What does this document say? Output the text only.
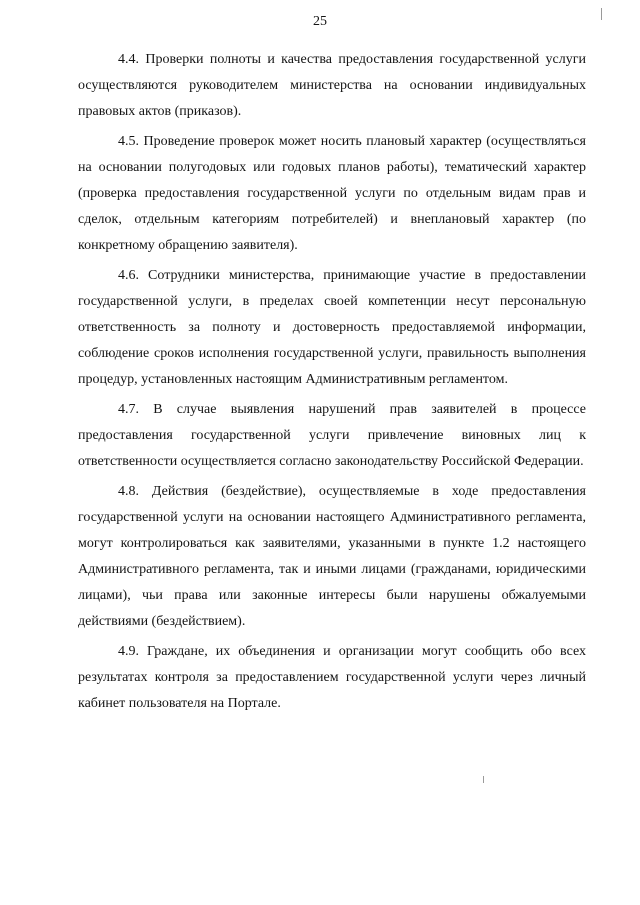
25

4.4. Проверки полноты и качества предоставления государственной услуги осуществляются руководителем министерства на основании индивидуальных правовых актов (приказов).

4.5. Проведение проверок может носить плановый характер (осуществляться на основании полугодовых или годовых планов работы), тематический характер (проверка предоставления государственной услуги по отдельным видам прав и сделок, отдельным категориям потребителей) и внеплановый характер (по конкретному обращению заявителя).

4.6. Сотрудники министерства, принимающие участие в предоставлении государственной услуги, в пределах своей компетенции несут персональную ответственность за полноту и достоверность предоставляемой информации, соблюдение сроков исполнения государственной услуги, правильность выполнения процедур, установленных настоящим Административным регламентом.

4.7. В случае выявления нарушений прав заявителей в процессе предоставления государственной услуги привлечение виновных лиц к ответственности осуществляется согласно законодательству Российской Федерации.

4.8. Действия (бездействие), осуществляемые в ходе предоставления государственной услуги на основании настоящего Административного регламента, могут контролироваться как заявителями, указанными в пункте 1.2 настоящего Административного регламента, так и иными лицами (гражданами, юридическими лицами), чьи права или законные интересы были нарушены обжалуемыми действиями (бездействием).

4.9. Граждане, их объединения и организации могут сообщить обо всех результатах контроля за предоставлением государственной услуги через личный кабинет пользователя на Портале.
